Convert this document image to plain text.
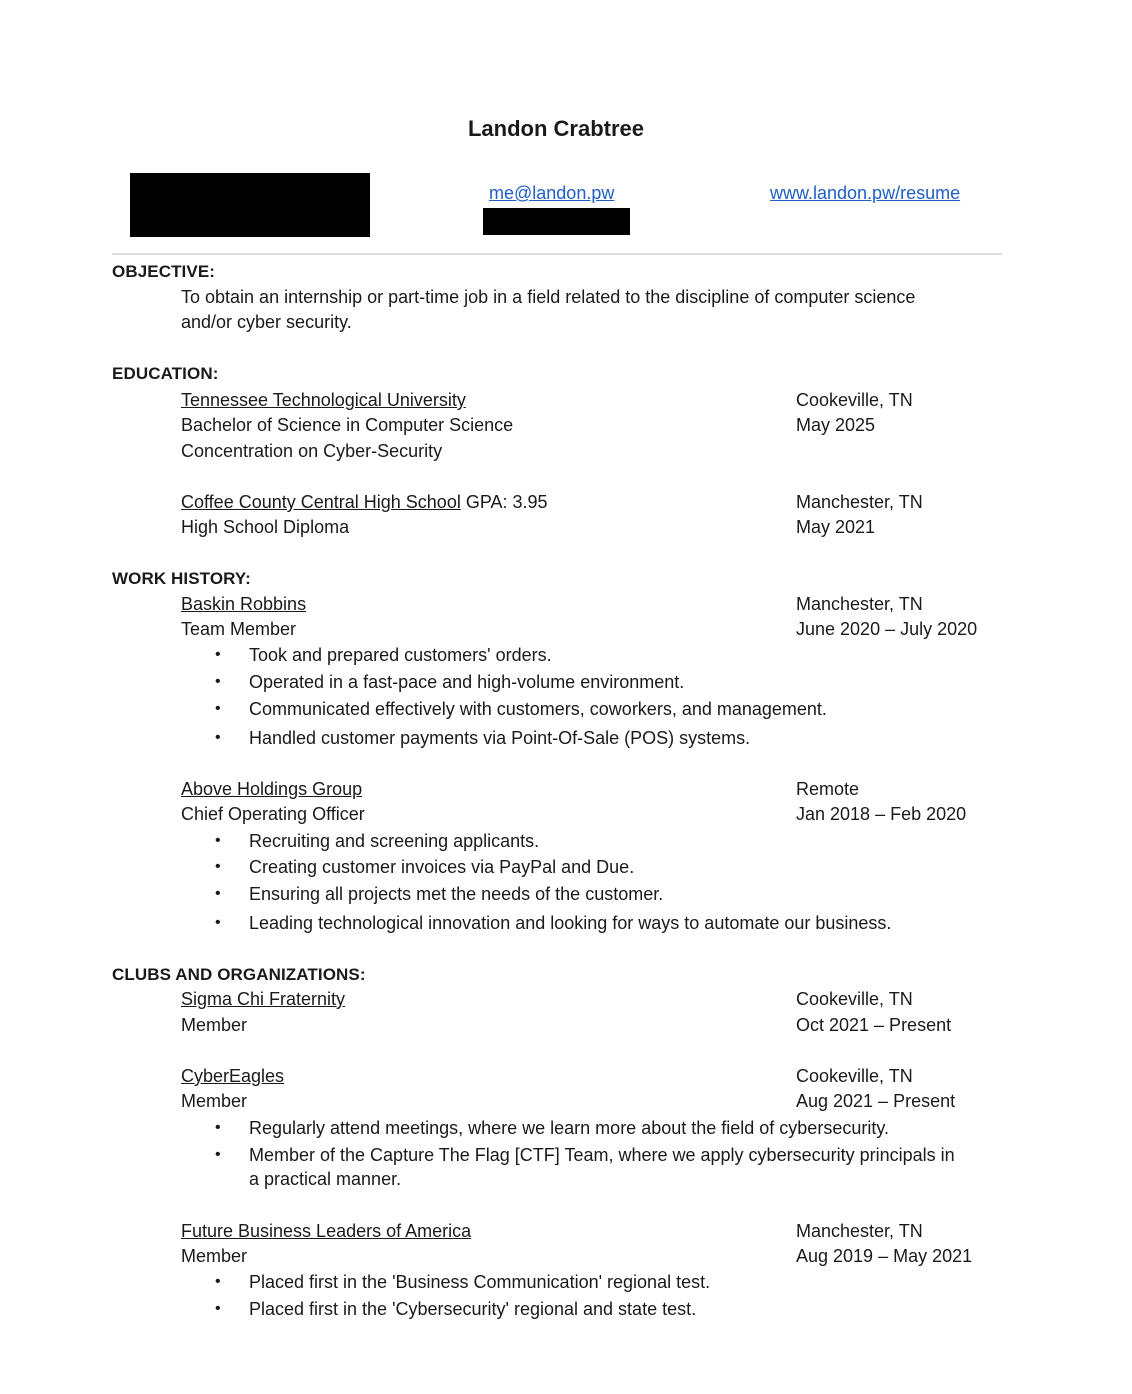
Landon Crabtree
me@landon.pw	www.landon.pw/resume
OBJECTIVE:
To obtain an internship or part-time job in a field related to the discipline of computer science
and/or cyber security.
EDUCATION:
Tennessee Technological University	Cookeville, TN
Bachelor of Science in Computer Science	May 2025
Concentration on Cyber-Security
Coffee County Central High School GPA: 3.95	Manchester, TN
High School Diploma	May 2021
WORK HISTORY:
Baskin Robbins	Manchester, TN
Team Member	June 2020 – July 2020
• Took and prepared customers' orders.
• Operated in a fast-pace and high-volume environment.
• Communicated effectively with customers, coworkers, and management.
• Handled customer payments via Point-Of-Sale (POS) systems.
Above Holdings Group	Remote
Chief Operating Officer	Jan 2018 – Feb 2020
• Recruiting and screening applicants.
• Creating customer invoices via PayPal and Due.
• Ensuring all projects met the needs of the customer.
• Leading technological innovation and looking for ways to automate our business.
CLUBS AND ORGANIZATIONS:
Sigma Chi Fraternity	Cookeville, TN
Member	Oct 2021 – Present
CyberEagles	Cookeville, TN
Member	Aug 2021 – Present
• Regularly attend meetings, where we learn more about the field of cybersecurity.
• Member of the Capture The Flag [CTF] Team, where we apply cybersecurity principals in
a practical manner.
Future Business Leaders of America	Manchester, TN
Member	Aug 2019 – May 2021
• Placed first in the 'Business Communication' regional test.
• Placed first in the 'Cybersecurity' regional and state test.
